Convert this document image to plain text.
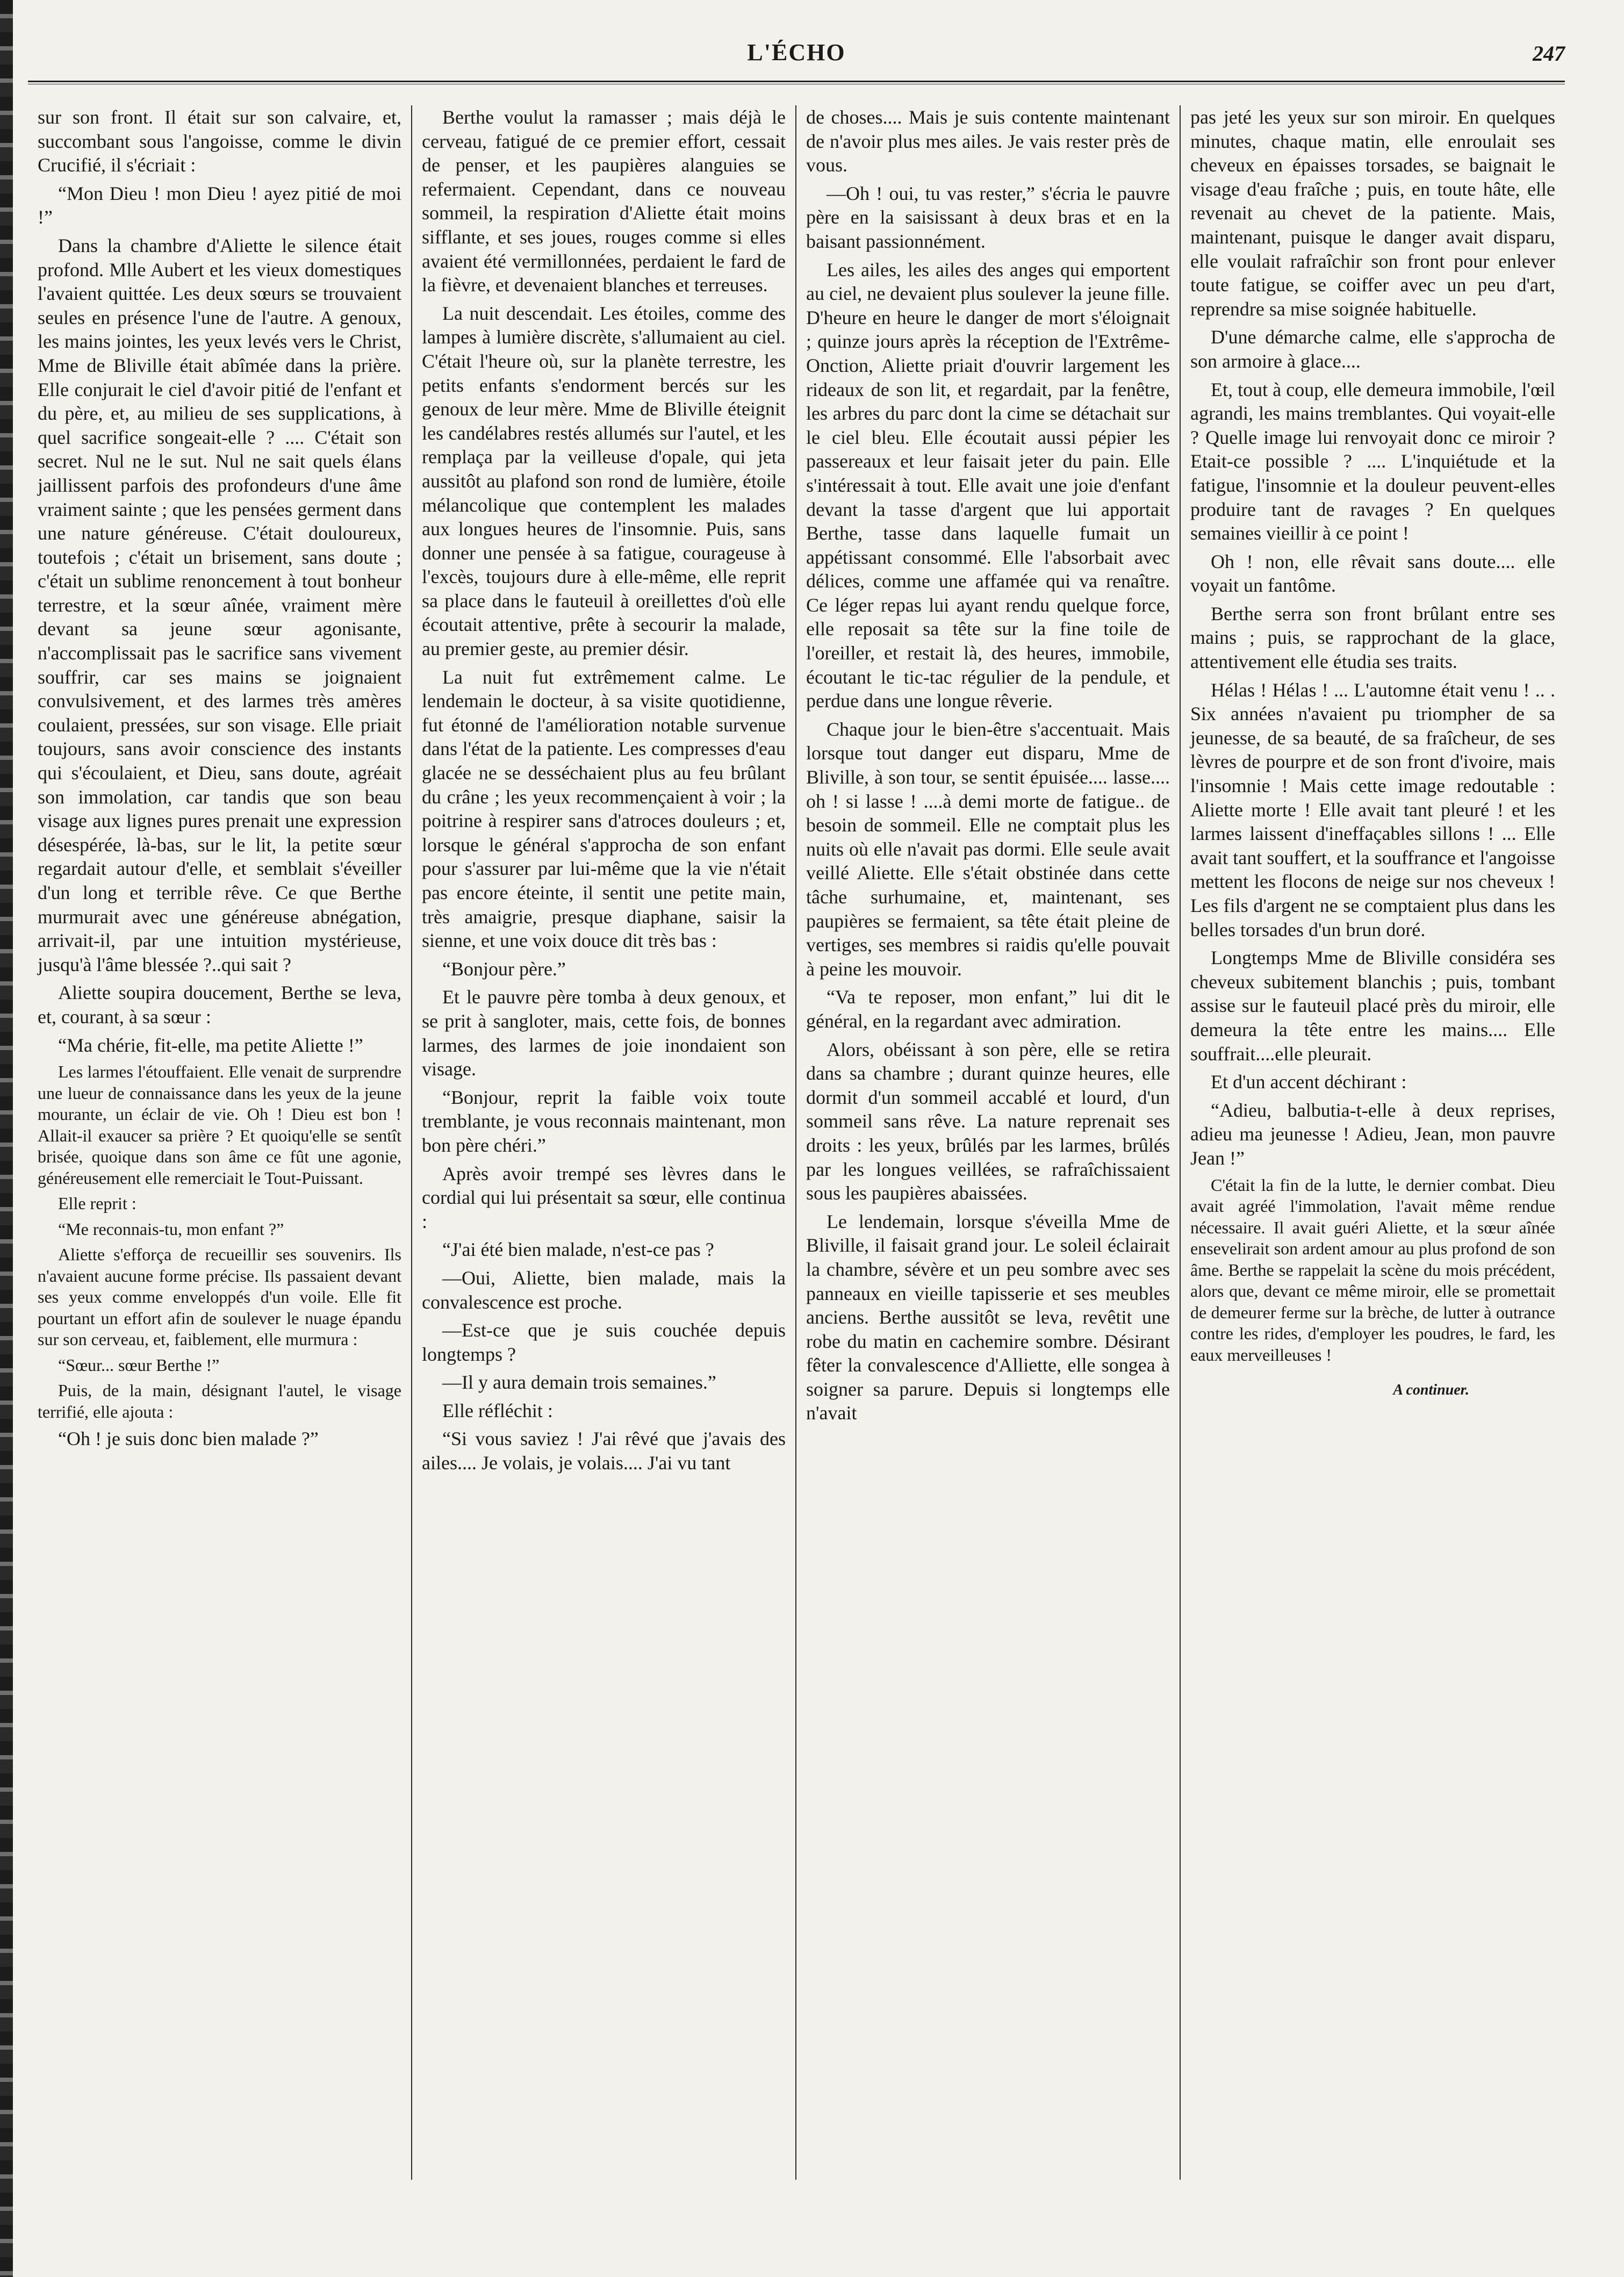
L'ÉCHO	247

sur son front. Il était sur son calvaire, et, succombant sous l'angoisse, comme le divin Crucifié, il s'écriait :

“Mon Dieu ! mon Dieu ! ayez pitié de moi !”

Dans la chambre d'Aliette le silence était profond. Mlle Aubert et les vieux domestiques l'avaient quittée. Les deux sœurs se trouvaient seules en présence l'une de l'autre. A genoux, les mains jointes, les yeux levés vers le Christ, Mme de Bliville était abîmée dans la prière. Elle conjurait le ciel d'avoir pitié de l'enfant et du père, et, au milieu de ses supplications, à quel sacrifice songeait-elle ? .... C'était son secret. Nul ne le sut. Nul ne sait quels élans jaillissent parfois des profondeurs d'une âme vraiment sainte ; que les pensées germent dans une nature généreuse. C'était douloureux, toutefois ; c'était un brisement, sans doute ; c'était un sublime renoncement à tout bonheur terrestre, et la sœur aînée, vraiment mère devant sa jeune sœur agonisante, n'accomplissait pas le sacrifice sans vivement souffrir, car ses mains se joignaient convulsivement, et des larmes très amères coulaient, pressées, sur son visage. Elle priait toujours, sans avoir conscience des instants qui s'écoulaient, et Dieu, sans doute, agréait son immolation, car tandis que son beau visage aux lignes pures prenait une expression désespérée, là-bas, sur le lit, la petite sœur regardait autour d'elle, et semblait s'éveiller d'un long et terrible rêve. Ce que Berthe murmurait avec une généreuse abnégation, arrivait-il, par une intuition mystérieuse, jusqu'à l'âme blessée ?..qui sait ?

Aliette soupira doucement, Berthe se leva, et, courant, à sa sœur :

“Ma chérie, fit-elle, ma petite Aliette !”

Les larmes l'étouffaient. Elle venait de surprendre une lueur de connaissance dans les yeux de la jeune mourante, un éclair de vie. Oh ! Dieu est bon ! Allait-il exaucer sa prière ? Et quoiqu'elle se sentît brisée, quoique dans son âme ce fût une agonie, généreusement elle remerciait le Tout-Puissant.

Elle reprit :

“Me reconnais-tu, mon enfant ?”

Aliette s'efforça de recueillir ses souvenirs. Ils n'avaient aucune forme précise. Ils passaient devant ses yeux comme enveloppés d'un voile. Elle fit pourtant un effort afin de soulever le nuage épandu sur son cerveau, et, faiblement, elle murmura :

“Sœur... sœur Berthe !”

Puis, de la main, désignant l'autel, le visage terrifié, elle ajouta :

“Oh ! je suis donc bien malade ?”

Berthe voulut la ramasser ; mais déjà le cerveau, fatigué de ce premier effort, cessait de penser, et les paupières alanguies se refermaient. Cependant, dans ce nouveau sommeil, la respiration d'Aliette était moins sifflante, et ses joues, rouges comme si elles avaient été vermillonnées, perdaient le fard de la fièvre, et devenaient blanches et terreuses.

La nuit descendait. Les étoiles, comme des lampes à lumière discrète, s'allumaient au ciel. C'était l'heure où, sur la planète terrestre, les petits enfants s'endorment bercés sur les genoux de leur mère. Mme de Bliville éteignit les candélabres restés allumés sur l'autel, et les remplaça par la veilleuse d'opale, qui jeta aussitôt au plafond son rond de lumière, étoile mélancolique que contemplent les malades aux longues heures de l'insomnie. Puis, sans donner une pensée à sa fatigue, courageuse à l'excès, toujours dure à elle-même, elle reprit sa place dans le fauteuil à oreillettes d'où elle écoutait attentive, prête à secourir la malade, au premier geste, au premier désir.

La nuit fut extrêmement calme. Le lendemain le docteur, à sa visite quotidienne, fut étonné de l'amélioration notable survenue dans l'état de la patiente. Les compresses d'eau glacée ne se desséchaient plus au feu brûlant du crâne ; les yeux recommençaient à voir ; la poitrine à respirer sans d'atroces douleurs ; et, lorsque le général s'approcha de son enfant pour s'assurer par lui-même que la vie n'était pas encore éteinte, il sentit une petite main, très amaigrie, presque diaphane, saisir la sienne, et une voix douce dit très bas :

“Bonjour père.”

Et le pauvre père tomba à deux genoux, et se prit à sangloter, mais, cette fois, de bonnes larmes, des larmes de joie inondaient son visage.

“Bonjour, reprit la faible voix toute tremblante, je vous reconnais maintenant, mon bon père chéri.”

Après avoir trempé ses lèvres dans le cordial qui lui présentait sa sœur, elle continua :

“J'ai été bien malade, n'est-ce pas ?

—Oui, Aliette, bien malade, mais la convalescence est proche.

—Est-ce que je suis couchée depuis longtemps ?

—Il y aura demain trois semaines.”

Elle réfléchit :

“Si vous saviez ! J'ai rêvé que j'avais des ailes.... Je volais, je volais.... J'ai vu tant

de choses.... Mais je suis contente maintenant de n'avoir plus mes ailes. Je vais rester près de vous.

—Oh ! oui, tu vas rester,” s'écria le pauvre père en la saisissant à deux bras et en la baisant passionnément.

Les ailes, les ailes des anges qui emportent au ciel, ne devaient plus soulever la jeune fille. D'heure en heure le danger de mort s'éloignait ; quinze jours après la réception de l'Extrême-Onction, Aliette priait d'ouvrir largement les rideaux de son lit, et regardait, par la fenêtre, les arbres du parc dont la cime se détachait sur le ciel bleu. Elle écoutait aussi pépier les passereaux et leur faisait jeter du pain. Elle s'intéressait à tout. Elle avait une joie d'enfant devant la tasse d'argent que lui apportait Berthe, tasse dans laquelle fumait un appétissant consommé. Elle l'absorbait avec délices, comme une affamée qui va renaître. Ce léger repas lui ayant rendu quelque force, elle reposait sa tête sur la fine toile de l'oreiller, et restait là, des heures, immobile, écoutant le tic-tac régulier de la pendule, et perdue dans une longue rêverie.

Chaque jour le bien-être s'accentuait. Mais lorsque tout danger eut disparu, Mme de Bliville, à son tour, se sentit épuisée.... lasse.... oh ! si lasse ! ....à demi morte de fatigue.. de besoin de sommeil. Elle ne comptait plus les nuits où elle n'avait pas dormi. Elle seule avait veillé Aliette. Elle s'était obstinée dans cette tâche surhumaine, et, maintenant, ses paupières se fermaient, sa tête était pleine de vertiges, ses membres si raidis qu'elle pouvait à peine les mouvoir.

“Va te reposer, mon enfant,” lui dit le général, en la regardant avec admiration.

Alors, obéissant à son père, elle se retira dans sa chambre ; durant quinze heures, elle dormit d'un sommeil accablé et lourd, d'un sommeil sans rêve. La nature reprenait ses droits : les yeux, brûlés par les larmes, brûlés par les longues veillées, se rafraîchissaient sous les paupières abaissées.

Le lendemain, lorsque s'éveilla Mme de Bliville, il faisait grand jour. Le soleil éclairait la chambre, sévère et un peu sombre avec ses panneaux en vieille tapisserie et ses meubles anciens. Berthe aussitôt se leva, revêtit une robe du matin en cachemire sombre. Désirant fêter la convalescence d'Alliette, elle songea à soigner sa parure. Depuis si longtemps elle n'avait

pas jeté les yeux sur son miroir. En quelques minutes, chaque matin, elle enroulait ses cheveux en épaisses torsades, se baignait le visage d'eau fraîche ; puis, en toute hâte, elle revenait au chevet de la patiente. Mais, maintenant, puisque le danger avait disparu, elle voulait rafraîchir son front pour enlever toute fatigue, se coiffer avec un peu d'art, reprendre sa mise soignée habituelle.

D'une démarche calme, elle s'approcha de son armoire à glace....

Et, tout à coup, elle demeura immobile, l'œil agrandi, les mains tremblantes. Qui voyait-elle ? Quelle image lui renvoyait donc ce miroir ? Etait-ce possible ? .... L'inquiétude et la fatigue, l'insomnie et la douleur peuvent-elles produire tant de ravages ? En quelques semaines vieillir à ce point !

Oh ! non, elle rêvait sans doute.... elle voyait un fantôme.

Berthe serra son front brûlant entre ses mains ; puis, se rapprochant de la glace, attentivement elle étudia ses traits.

Hélas ! Hélas ! ... L'automne était venu ! .. . Six années n'avaient pu triompher de sa jeunesse, de sa beauté, de sa fraîcheur, de ses lèvres de pourpre et de son front d'ivoire, mais l'insomnie ! Mais cette image redoutable : Aliette morte ! Elle avait tant pleuré ! et les larmes laissent d'ineffaçables sillons ! ... Elle avait tant souffert, et la souffrance et l'angoisse mettent les flocons de neige sur nos cheveux ! Les fils d'argent ne se comptaient plus dans les belles torsades d'un brun doré.

Longtemps Mme de Bliville considéra ses cheveux subitement blanchis ; puis, tombant assise sur le fauteuil placé près du miroir, elle demeura la tête entre les mains.... Elle souffrait....elle pleurait.

Et d'un accent déchirant :

“Adieu, balbutia-t-elle à deux reprises, adieu ma jeunesse ! Adieu, Jean, mon pauvre Jean !”

C'était la fin de la lutte, le dernier combat. Dieu avait agréé l'immolation, l'avait même rendue nécessaire. Il avait guéri Aliette, et la sœur aînée ensevelirait son ardent amour au plus profond de son âme. Berthe se rappelait la scène du mois précédent, alors que, devant ce même miroir, elle se promettait de demeurer ferme sur la brèche, de lutter à outrance contre les rides, d'employer les poudres, le fard, les eaux merveilleuses !

A continuer.
